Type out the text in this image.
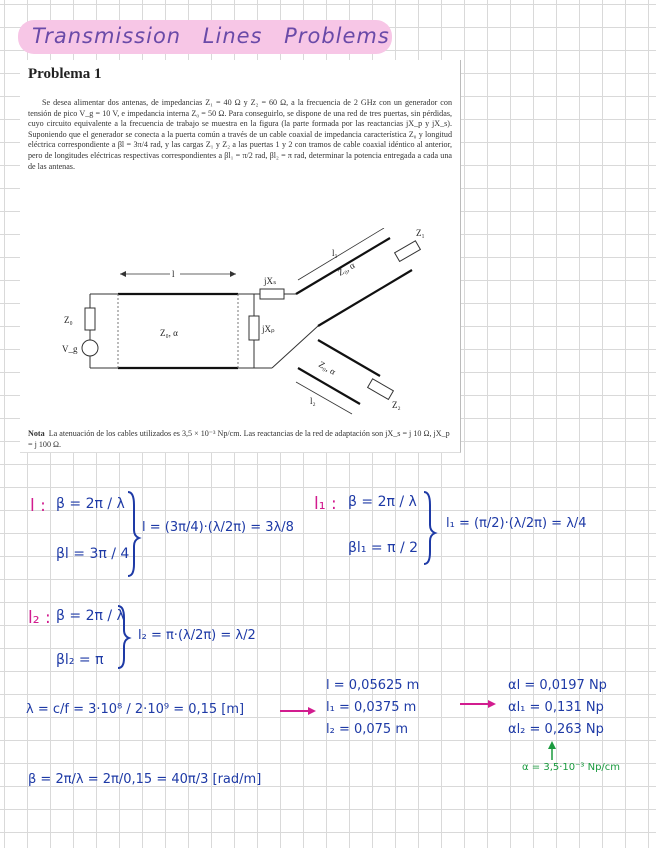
Transmission Lines Problems
Problema 1

Se desea alimentar dos antenas, de impedancias Z₁ = 40 Ω y Z₂ = 60 Ω, a la frecuencia de 2 GHz con un generador con tensión de pico V_g = 10 V, e impedancia interna Z₀ = 50 Ω. Para conseguirlo, se dispone de una red de tres puertas, sin pérdidas, cuyo circuito equivalente a la frecuencia de trabajo se muestra en la figura (la parte formada por las reactancias jX_p y jX_s). Suponiendo que el generador se conecta a la puerta común a través de un cable coaxial de impedancia característica Z₀ y longitud eléctrica correspondiente a βl = 3π/4 rad, y las cargas Z₁ y Z₂ a las puertas 1 y 2 con tramos de cable coaxial idéntico al anterior, pero de longitudes eléctricas respectivas correspondientes a βl₁ = π/2 rad, βl₂ = π rad, determinar la potencia entregada a cada una de las antenas.

Z₀
V_g
Z₀, α
l
jXₚ
jXₛ
Z₀, α
l₁
Z₁
Z₀, α
l₂	Z₂

Nota La atenuación de los cables utilizados es 3,5 × 10⁻³ Np/cm. Las reactancias de la red de adaptación son jX_s = j 10 Ω, jX_p = j 100 Ω.

l : β = 2π / λ
βl = 3π / 4
l = (3π/4)·(λ/2π) = 3λ/8
l₁ : β = 2π / λ
βl₁ = π / 2
l₁ = (π/2)·(λ/2π) = λ/4
l₂ : β = 2π / λ
βl₂ = π
l₂ = π·(λ/2π) = λ/2
λ = c/f = 3·10⁸ / 2·10⁹ = 0,15 [m]
l = 0,05625 m
l₁ = 0,0375 m
l₂ = 0,075 m
αl = 0,0197 Np
αl₁ = 0,131 Np
αl₂ = 0,263 Np
α = 3,5·10⁻³ Np/cm
β = 2π/λ = 2π/0,15 = 40π/3 [rad/m]
